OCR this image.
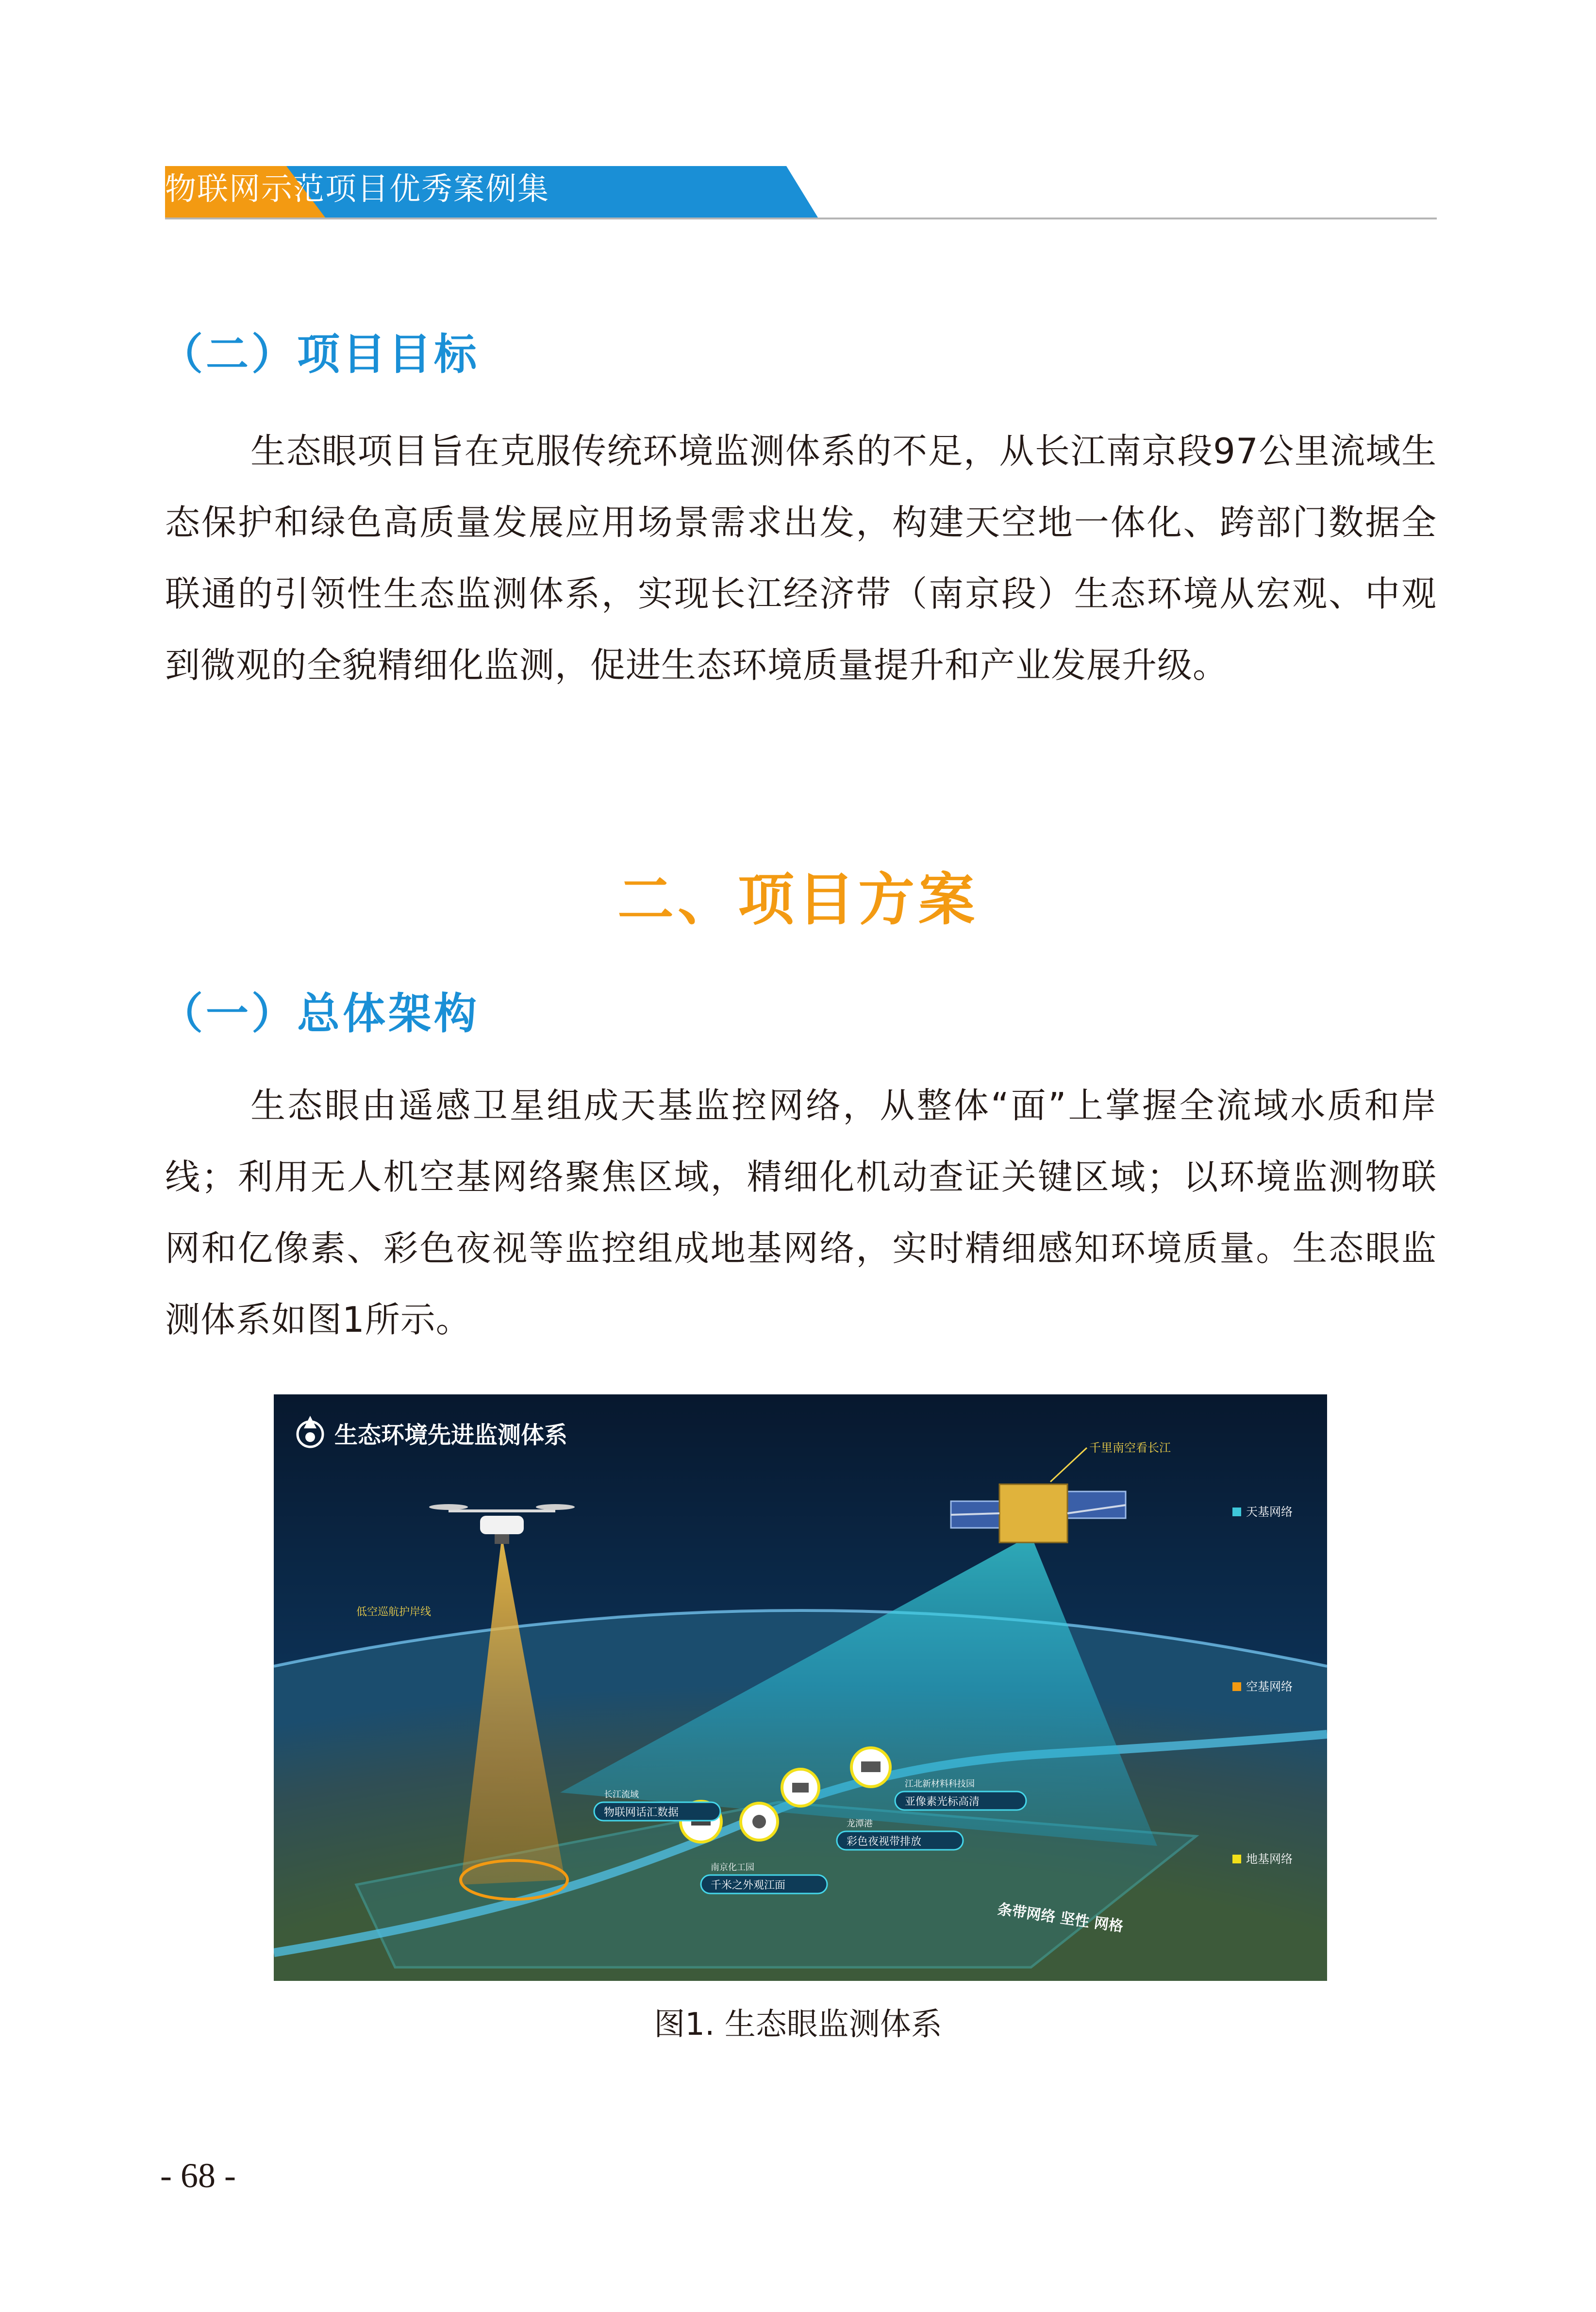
物联网示范项目优秀案例集
（二）项目目标

生态眼项目旨在克服传统环境监测体系的不足，从长江南京段97公里流域生态保护和绿色高质量发展应用场景需求出发，构建天空地一体化、跨部门数据全联通的引领性生态监测体系，实现长江经济带（南京段）生态环境从宏观、中观到微观的全貌精细化监测，促进生态环境质量提升和产业发展升级。

二、项目方案
（一）总体架构

生态眼由遥感卫星组成天基监控网络，从整体“面”上掌握全流域水质和岸线；利用无人机空基网络聚焦区域，精细化机动查证关键区域；以环境监测物联网和亿像素、彩色夜视等监控组成地基网络，实时精细感知环境质量。生态眼监测体系如图1所示。

生态环境先进监测体系	千里南空看长江
低空巡航护岸线
天基网络
空基网络
地基网络
长江流域
物联网话汇数据
江北新材料科技园
亚像素光标高清
龙潭港
彩色夜视带排放
南京化工园
千米之外观江面
条带网络 坚性 网格
图1. 生态眼监测体系
- 68 -
